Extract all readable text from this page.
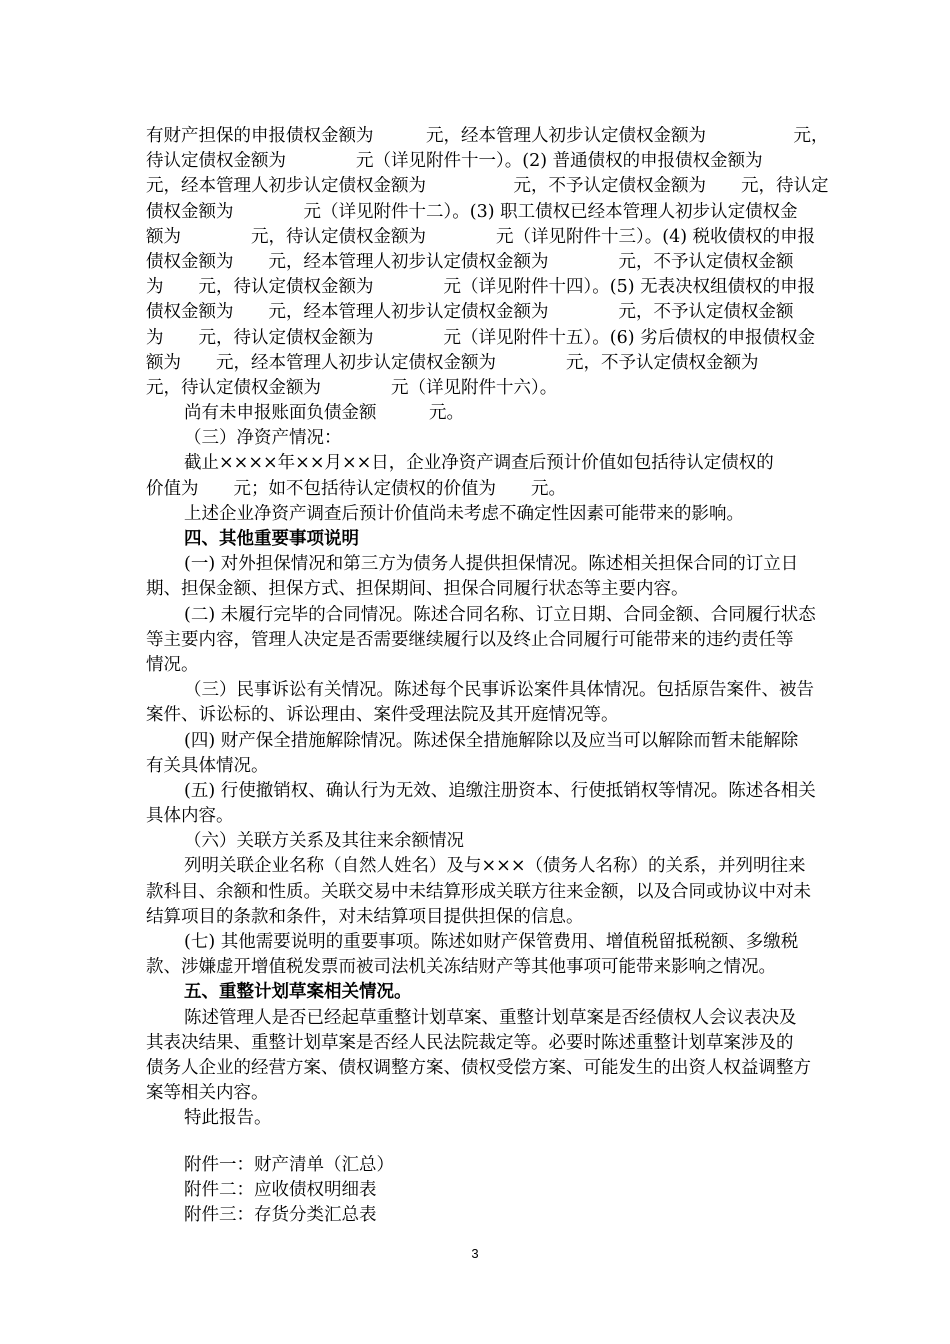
有财产担保的申报债权金额为　　　元，经本管理人初步认定债权金额为　　　　　元，
待认定债权金额为　　　　元（详见附件十一）。(2) 普通债权的申报债权金额为
元，经本管理人初步认定债权金额为　　　　　元，不予认定债权金额为　　元，待认定
债权金额为　　　　元（详见附件十二）。(3) 职工债权已经本管理人初步认定债权金
额为　　　　元，待认定债权金额为　　　　元（详见附件十三）。(4) 税收债权的申报
债权金额为　　元，经本管理人初步认定债权金额为　　　　元，不予认定债权金额
为　　元，待认定债权金额为　　　　元（详见附件十四）。(5) 无表决权组债权的申报
债权金额为　　元，经本管理人初步认定债权金额为　　　　元，不予认定债权金额
为　　元，待认定债权金额为　　　　元（详见附件十五）。(6) 劣后债权的申报债权金
额为　　元，经本管理人初步认定债权金额为　　　　元，不予认定债权金额为
元，待认定债权金额为　　　　元（详见附件十六）。
尚有未申报账面负债金额　　　元。
（三）净资产情况：
截止××××年××月××日，企业净资产调查后预计价值如包括待认定债权的
价值为　　元；如不包括待认定债权的价值为　　元。
上述企业净资产调查后预计价值尚未考虑不确定性因素可能带来的影响。
四、其他重要事项说明
(一) 对外担保情况和第三方为债务人提供担保情况。陈述相关担保合同的订立日
期、担保金额、担保方式、担保期间、担保合同履行状态等主要内容。
(二) 未履行完毕的合同情况。陈述合同名称、订立日期、合同金额、合同履行状态
等主要内容，管理人决定是否需要继续履行以及终止合同履行可能带来的违约责任等
情况。
（三）民事诉讼有关情况。陈述每个民事诉讼案件具体情况。包括原告案件、被告
案件、诉讼标的、诉讼理由、案件受理法院及其开庭情况等。
(四) 财产保全措施解除情况。陈述保全措施解除以及应当可以解除而暂未能解除
有关具体情况。
(五) 行使撤销权、确认行为无效、追缴注册资本、行使抵销权等情况。陈述各相关
具体内容。
（六）关联方关系及其往来余额情况
列明关联企业名称（自然人姓名）及与×××（债务人名称）的关系，并列明往来
款科目、余额和性质。关联交易中未结算形成关联方往来金额，以及合同或协议中对未
结算项目的条款和条件，对未结算项目提供担保的信息。
(七) 其他需要说明的重要事项。陈述如财产保管费用、增值税留抵税额、多缴税
款、涉嫌虚开增值税发票而被司法机关冻结财产等其他事项可能带来影响之情况。
五、重整计划草案相关情况。
陈述管理人是否已经起草重整计划草案、重整计划草案是否经债权人会议表决及
其表决结果、重整计划草案是否经人民法院裁定等。必要时陈述重整计划草案涉及的
债务人企业的经营方案、债权调整方案、债权受偿方案、可能发生的出资人权益调整方
案等相关内容。
特此报告。
附件一：财产清单（汇总）
附件二：应收债权明细表
附件三：存货分类汇总表
3
